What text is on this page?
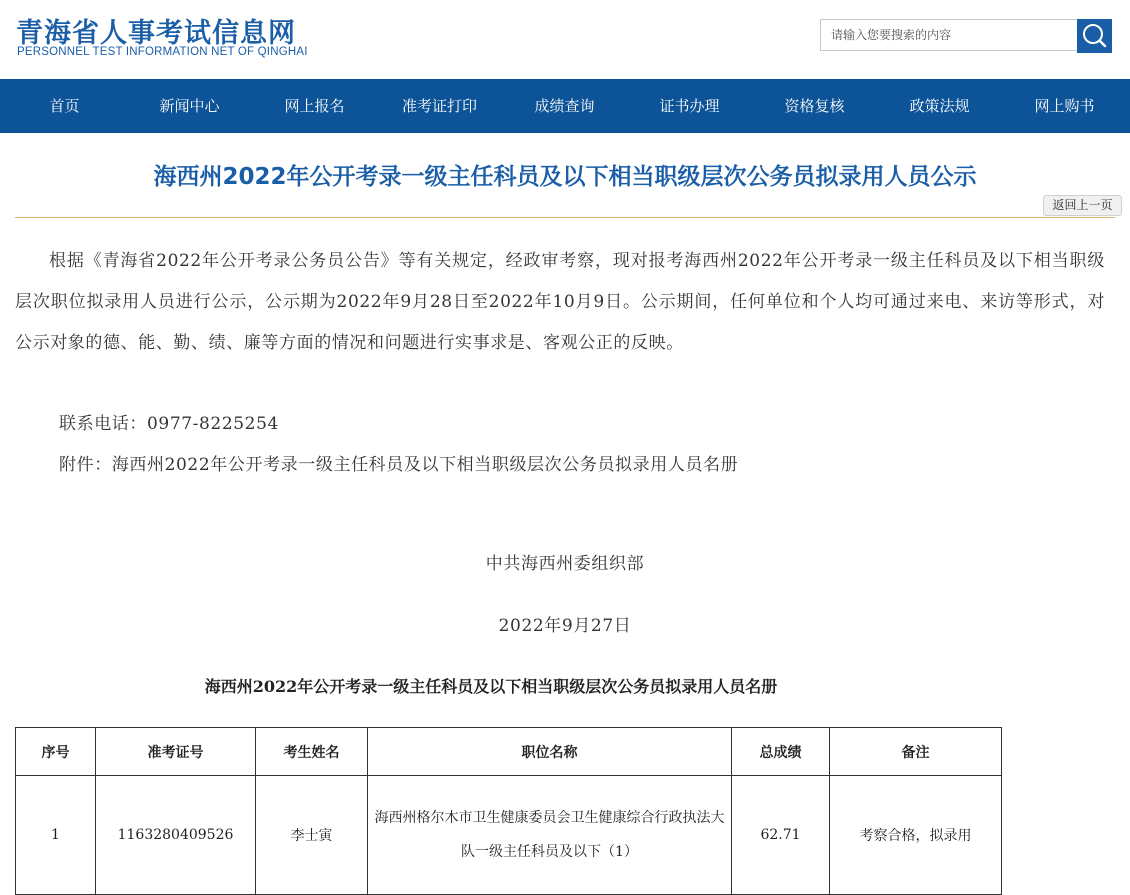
青海省人事考试信息网
PERSONNEL TEST INFORMATION NET OF QINGHAI
请输入您要搜索的内容
首页	新闻中心	网上报名	准考证打印	成绩查询	证书办理	资格复核	政策法规	网上购书
海西州2022年公开考录一级主任科员及以下相当职级层次公务员拟录用人员公示
返回上一页
根据《青海省2022年公开考录公务员公告》等有关规定，经政审考察，现对报考海西州2022年公开考录一级主任科员及以下相当职级层次职位拟录用人员进行公示，公示期为2022年9月28日至2022年10月9日。公示期间，任何单位和个人均可通过来电、来访等形式，对公示对象的德、能、勤、绩、廉等方面的情况和问题进行实事求是、客观公正的反映。
联系电话：0977-8225254
附件：海西州2022年公开考录一级主任科员及以下相当职级层次公务员拟录用人员名册
中共海西州委组织部
2022年9月27日
海西州2022年公开考录一级主任科员及以下相当职级层次公务员拟录用人员名册
序号	准考证号	考生姓名	职位名称	总成绩	备注
1	1163280409526	李士寅	海西州格尔木市卫生健康委员会卫生健康综合行政执法大队一级主任科员及以下（1）	62.71	考察合格，拟录用
